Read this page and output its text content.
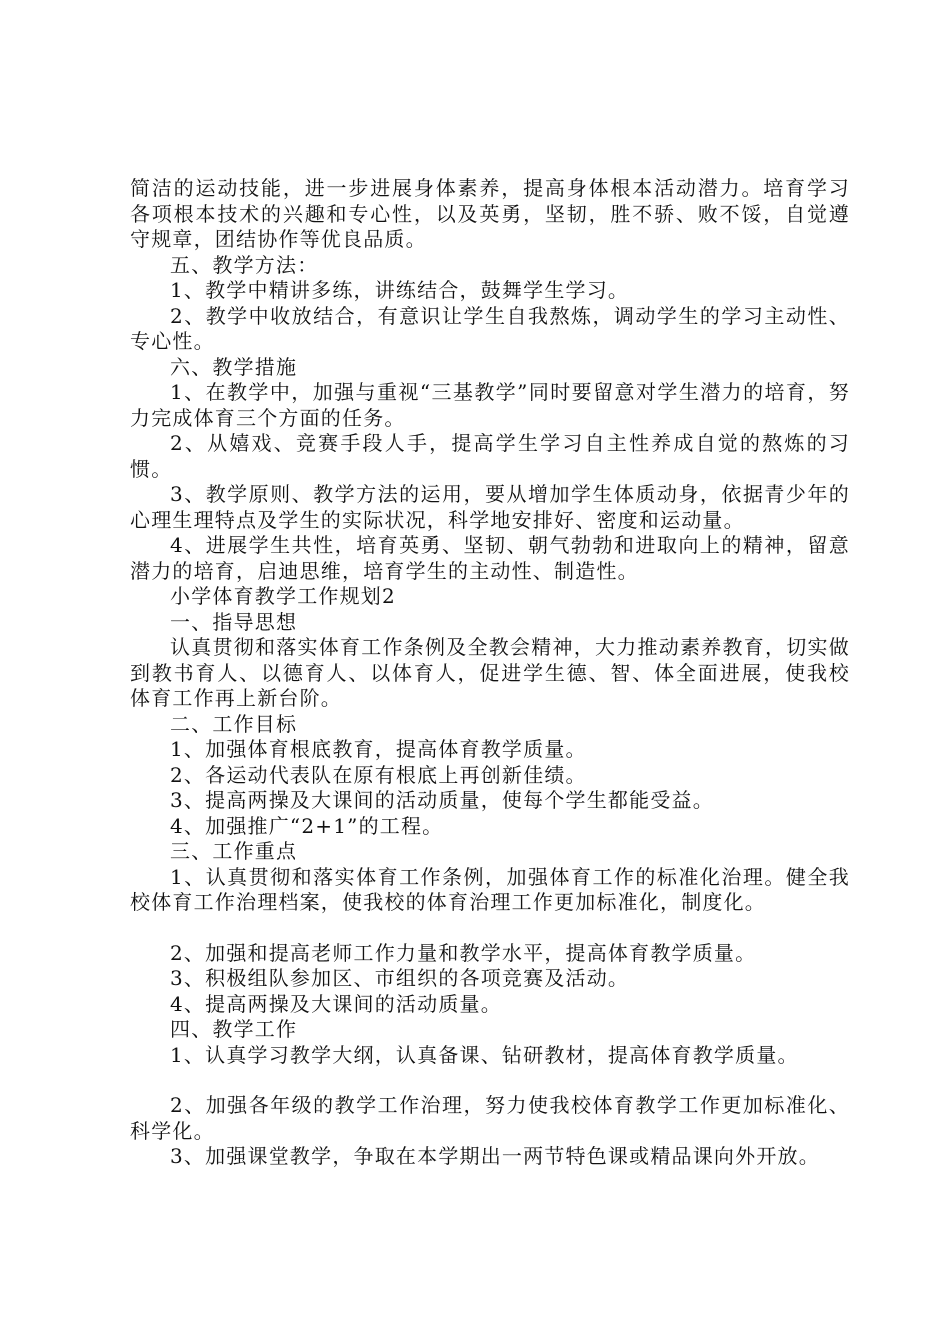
简洁的运动技能，进一步进展身体素养，提高身体根本活动潜力。培育学习各项根本技术的兴趣和专心性，以及英勇，坚韧，胜不骄、败不馁，自觉遵守规章，团结协作等优良品质。

五、教学方法：

1、教学中精讲多练，讲练结合，鼓舞学生学习。

2、教学中收放结合，有意识让学生自我熬炼，调动学生的学习主动性、专心性。

六、教学措施

1、在教学中，加强与重视“三基教学”同时要留意对学生潜力的培育，努力完成体育三个方面的任务。

2、从嬉戏、竞赛手段人手，提高学生学习自主性养成自觉的熬炼的习惯。

3、教学原则、教学方法的运用，要从增加学生体质动身，依据青少年的心理生理特点及学生的实际状况，科学地安排好、密度和运动量。

4、进展学生共性，培育英勇、坚韧、朝气勃勃和进取向上的精神，留意潜力的培育，启迪思维，培育学生的主动性、制造性。

小学体育教学工作规划2

一、指导思想

认真贯彻和落实体育工作条例及全教会精神，大力推动素养教育，切实做到教书育人、以德育人、以体育人，促进学生德、智、体全面进展，使我校体育工作再上新台阶。

二、工作目标

1、加强体育根底教育，提高体育教学质量。

2、各运动代表队在原有根底上再创新佳绩。

3、提高两操及大课间的活动质量，使每个学生都能受益。

4、加强推广“2+1”的工程。

三、工作重点

1、认真贯彻和落实体育工作条例，加强体育工作的标准化治理。健全我校体育工作治理档案，使我校的体育治理工作更加标准化，制度化。

2、加强和提高老师工作力量和教学水平，提高体育教学质量。

3、积极组队参加区、市组织的各项竞赛及活动。

4、提高两操及大课间的活动质量。

四、教学工作

1、认真学习教学大纲，认真备课、钻研教材，提高体育教学质量。

2、加强各年级的教学工作治理，努力使我校体育教学工作更加标准化、科学化。

3、加强课堂教学，争取在本学期出一两节特色课或精品课向外开放。
